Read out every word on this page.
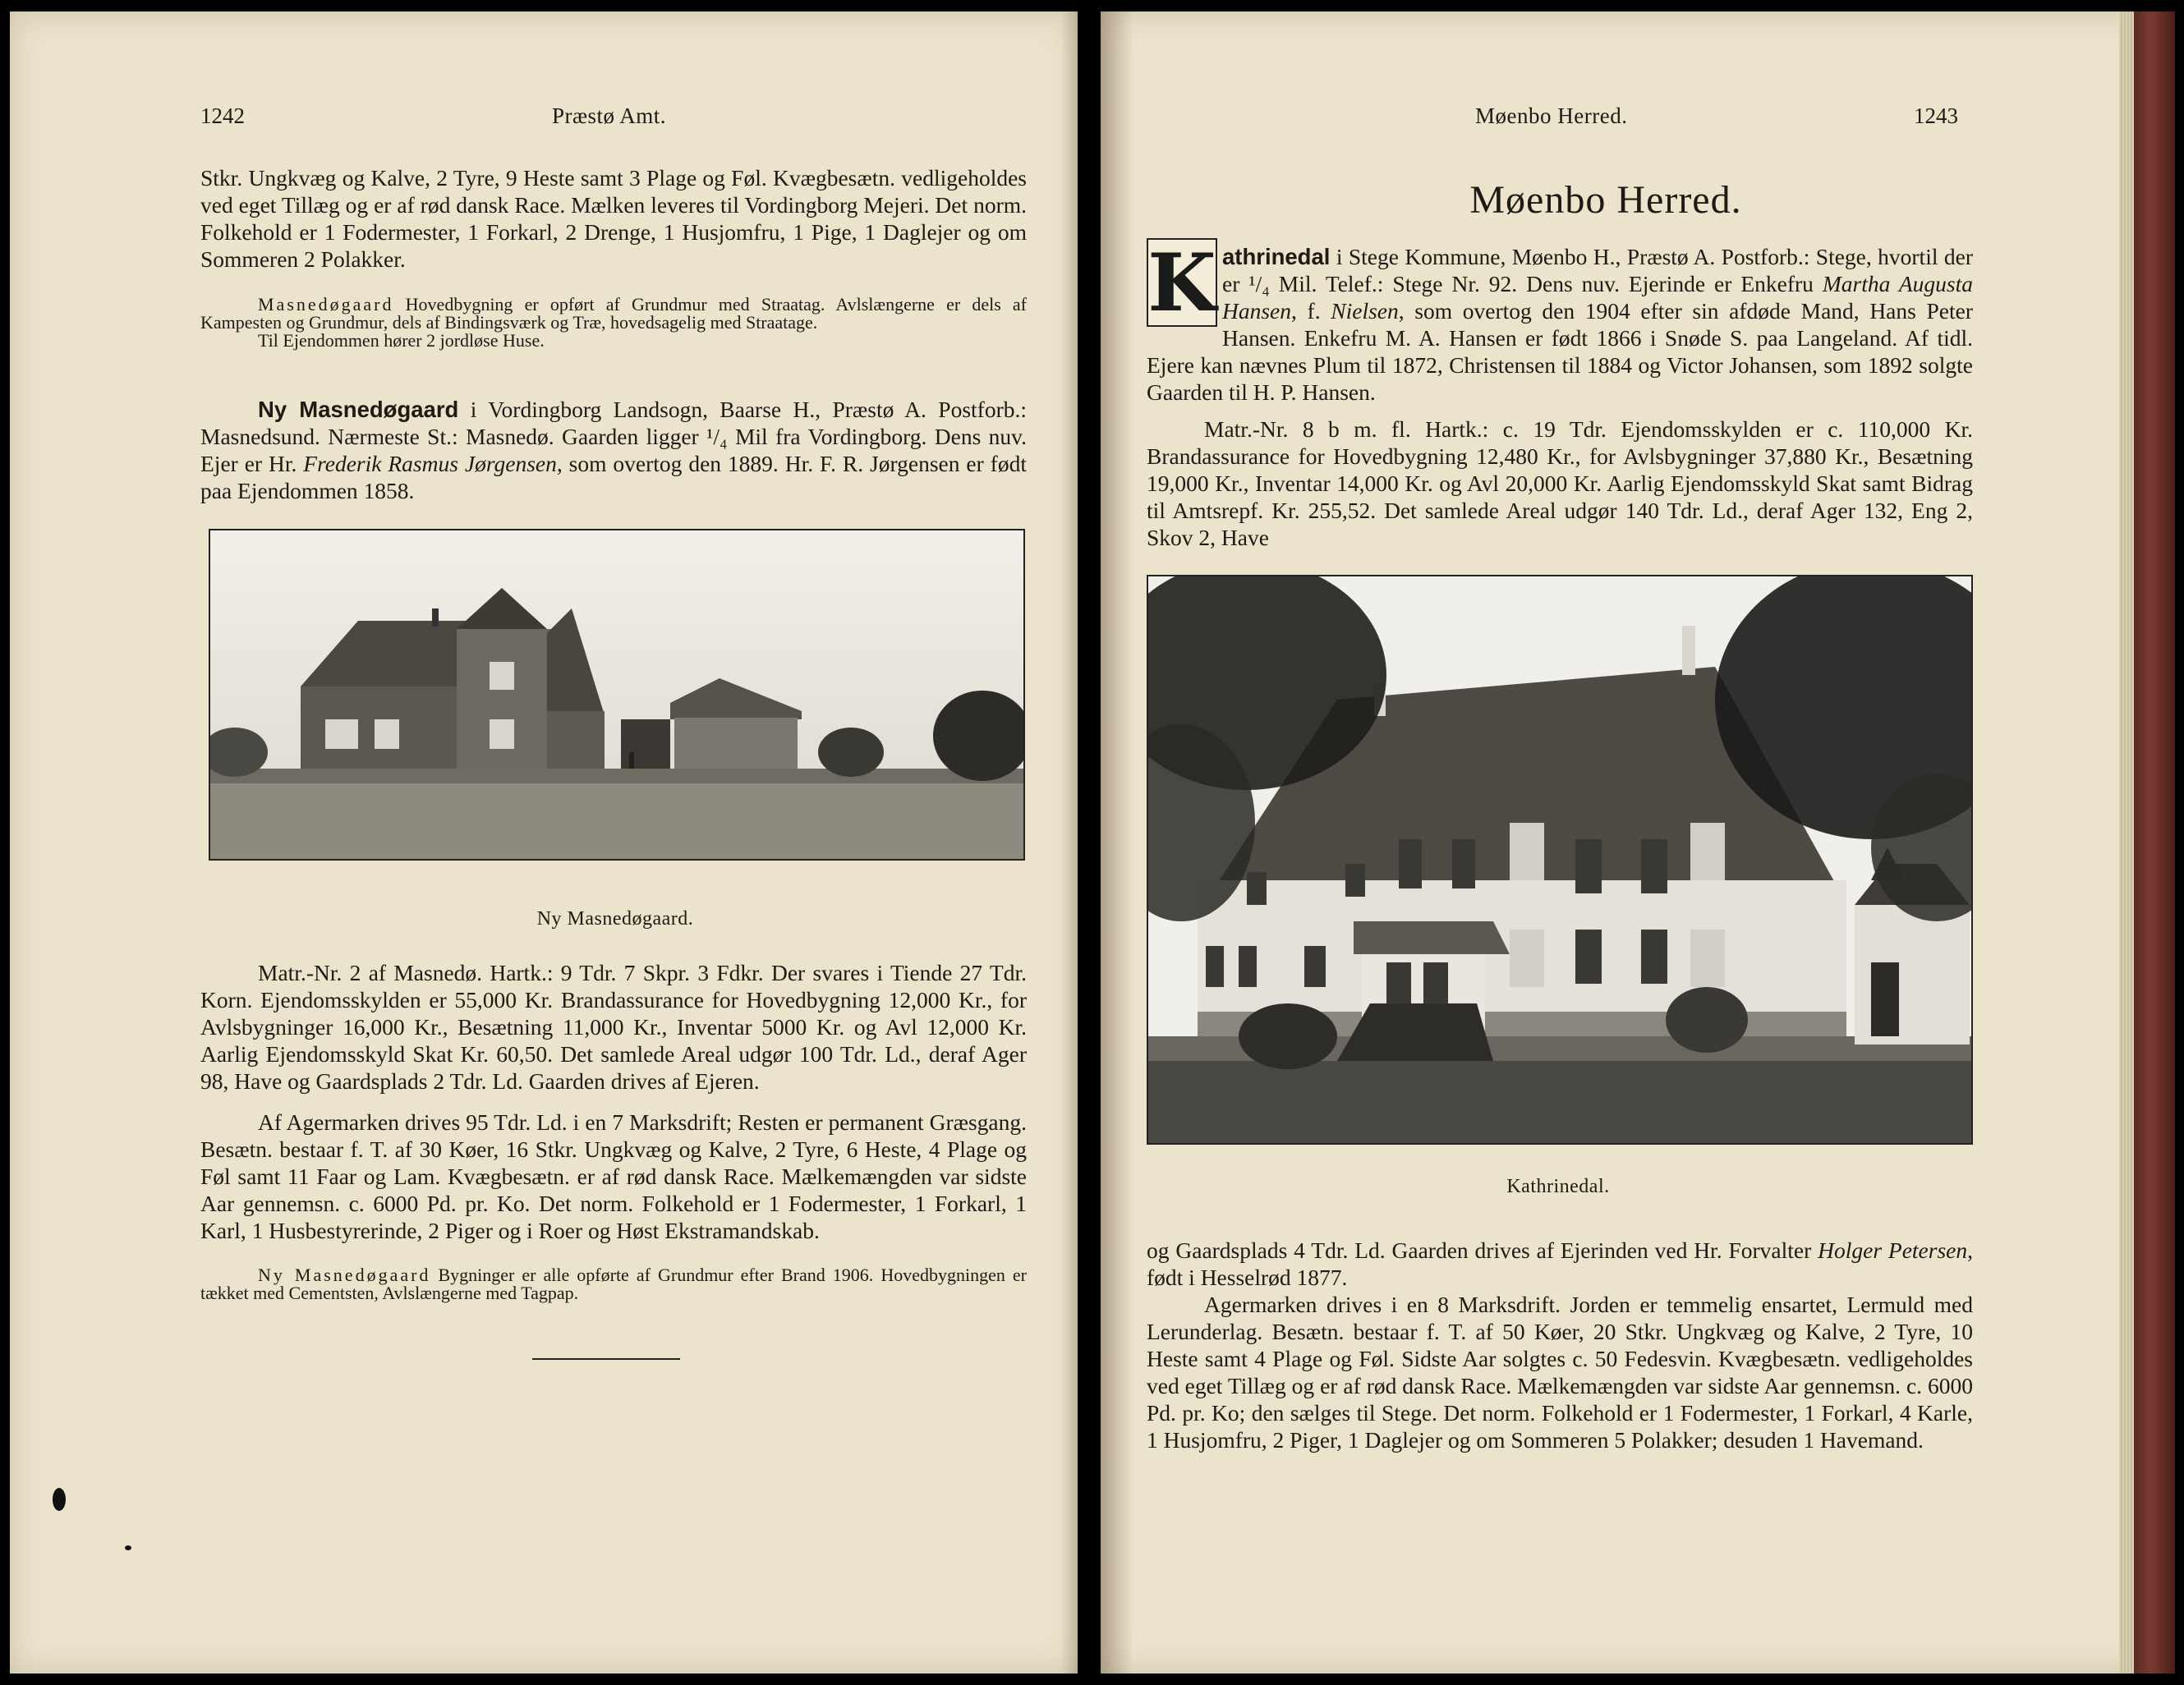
1242	Præstø Amt.
Stkr. Ungkvæg og Kalve, 2 Tyre, 9 Heste samt 3 Plage og Føl. Kvægbesætn. vedligeholdes ved eget Tillæg og er af rød dansk Race. Mælken leveres til Vordingborg Mejeri. Det norm. Folkehold er 1 Fodermester, 1 Forkarl, 2 Drenge, 1 Husjomfru, 1 Pige, 1 Daglejer og om Sommeren 2 Polakker.

Masnedøgaard Hovedbygning er opført af Grundmur med Straatag. Avlslængerne er dels af Kampesten og Grundmur, dels af Bindingsværk og Træ, hovedsagelig med Straatage.

Til Ejendommen hører 2 jordløse Huse.

Ny Masnedøgaard i Vordingborg Landsogn, Baarse H., Præstø A. Postforb.: Masnedsund. Nærmeste St.: Masnedø. Gaarden ligger ¹/₄ Mil fra Vordingborg. Dens nuv. Ejer er Hr. Frederik Rasmus Jørgensen, som overtog den 1889. Hr. F. R. Jørgensen er født paa Ejendommen 1858.
Ny Masnedøgaard.
Matr.-Nr. 2 af Masnedø. Hartk.: 9 Tdr. 7 Skpr. 3 Fdkr. Der svares i Tiende 27 Tdr. Korn. Ejendomsskylden er 55,000 Kr. Brandassurance for Hovedbygning 12,000 Kr., for Avlsbygninger 16,000 Kr., Besætning 11,000 Kr., Inventar 5000 Kr. og Avl 12,000 Kr. Aarlig Ejendomsskyld Skat Kr. 60,50. Det samlede Areal udgør 100 Tdr. Ld., deraf Ager 98, Have og Gaardsplads 2 Tdr. Ld. Gaarden drives af Ejeren.
Af Agermarken drives 95 Tdr. Ld. i en 7 Marksdrift; Resten er permanent Græsgang. Besætn. bestaar f. T. af 30 Køer, 16 Stkr. Ungkvæg og Kalve, 2 Tyre, 6 Heste, 4 Plage og Føl samt 11 Faar og Lam. Kvægbesætn. er af rød dansk Race. Mælkemængden var sidste Aar gennemsn. c. 6000 Pd. pr. Ko. Det norm. Folkehold er 1 Fodermester, 1 Forkarl, 1 Karl, 1 Husbestyrerinde, 2 Piger og i Roer og Høst Ekstramandskab.
Ny Masnedøgaard Bygninger er alle opførte af Grundmur efter Brand 1906. Hovedbygningen er tækket med Cementsten, Avlslængerne med Tagpap.
Møenbo Herred.	1243
Møenbo Herred.
K athrinedal i Stege Kommune, Møenbo H., Præstø A. Postforb.: Stege, hvortil der er ¹/₄ Mil. Telef.: Stege Nr. 92. Dens nuv. Ejerinde er Enkefru Martha Augusta Hansen, f. Nielsen, som overtog den 1904 efter sin afdøde Mand, Hans Peter Hansen. Enkefru M. A. Hansen er født 1866 i Snøde S. paa Langeland. Af tidl. Ejere kan nævnes Plum til 1872, Christensen til 1884 og Victor Johansen, som 1892 solgte Gaarden til H. P. Hansen.
Matr.-Nr. 8 b m. fl. Hartk.: c. 19 Tdr. Ejendomsskylden er c. 110,000 Kr. Brandassurance for Hovedbygning 12,480 Kr., for Avlsbygninger 37,880 Kr., Besætning 19,000 Kr., Inventar 14,000 Kr. og Avl 20,000 Kr. Aarlig Ejendomsskyld Skat samt Bidrag til Amtsrepf. Kr. 255,52. Det samlede Areal udgør 140 Tdr. Ld., deraf Ager 132, Eng 2, Skov 2, Have
Kathrinedal.
og Gaardsplads 4 Tdr. Ld. Gaarden drives af Ejerinden ved Hr. Forvalter Holger Petersen, født i Hesselrød 1877.
Agermarken drives i en 8 Marksdrift. Jorden er temmelig ensartet, Lermuld med Lerunderlag. Besætn. bestaar f. T. af 50 Køer, 20 Stkr. Ungkvæg og Kalve, 2 Tyre, 10 Heste samt 4 Plage og Føl. Sidste Aar solgtes c. 50 Fedesvin. Kvægbesætn. vedligeholdes ved eget Tillæg og er af rød dansk Race. Mælkemængden var sidste Aar gennemsn. c. 6000 Pd. pr. Ko; den sælges til Stege. Det norm. Folkehold er 1 Fodermester, 1 Forkarl, 4 Karle, 1 Husjomfru, 2 Piger, 1 Daglejer og om Sommeren 5 Polakker; desuden 1 Havemand.
